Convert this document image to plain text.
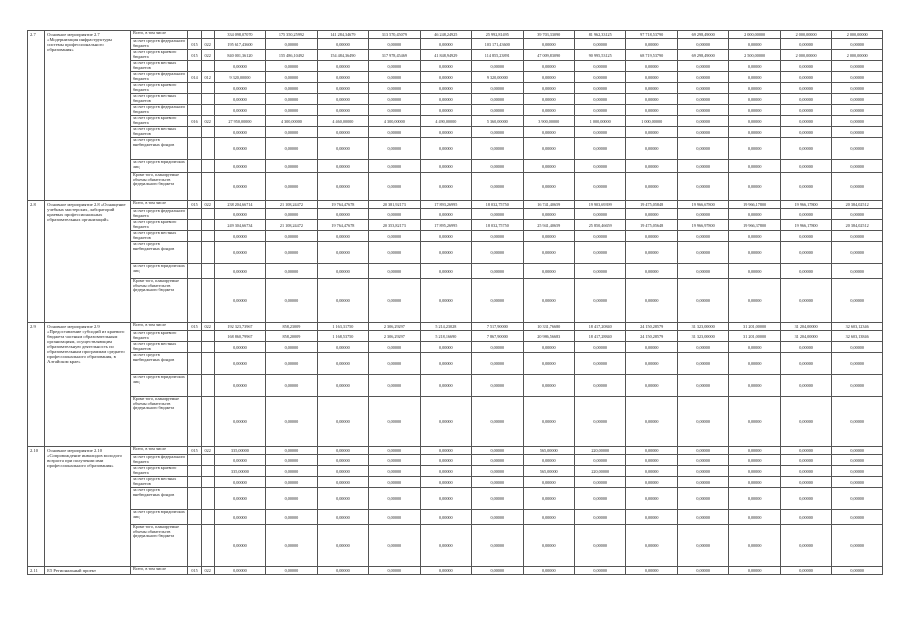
2.7	Основное мероприятие 2.7 «Модернизация инфраструктуры системы профессионального образования»	Всего, в том числе			334 098,07070	175 350,25992	141 284,34679	313 570,45079	46 248,24925	25 992,81495	39 703,33090	81 962,33125	97 718,53790	69 298,49000	2 000,00000	2 000,00000	2 000,00000
		за счет средств федерального бюджета	015	022	195 617,43600	0,00000	0,00000	0,00000	0,00000	103 171,43600	0,00000	0,00000	0,00000	0,00000	0,00000	0,00000	0,00000
		за счет средств краевого бюджета	015	022	840 001,36120	155 486,10492	154 484,36490	317 978,45469	41 848,94929	114 855,23891	47 009,83090	90 995,53125	68 719,53790	69 298,49000	2 500,00000	2 000,00000	2 000,00000
		за счет средств местных бюджетов			0,00000	0,00000	0,00000	0,00000	0,00000	0,00000	0,00000	0,00000	0,00000	0,00000	0,00000	0,00000	0,00000
		за счет средств федерального бюджета	014	012	9 320,00000	0,00000	0,00000	0,00000	0,00000	9 320,00000	0,00000	0,00000	0,00000	0,00000	0,00000	0,00000	0,00000
		за счет средств краевого бюджета			0,00000	0,00000	0,00000	0,00000	0,00000	0,00000	0,00000	0,00000	0,00000	0,00000	0,00000	0,00000	0,00000
		за счет средств местных бюджетов			0,00000	0,00000	0,00000	0,00000	0,00000	0,00000	0,00000	0,00000	0,00000	0,00000	0,00000	0,00000	0,00000
		за счет средств федерального бюджета			0,00000	0,00000	0,00000	0,00000	0,00000	0,00000	0,00000	0,00000	0,00000	0,00000	0,00000	0,00000	0,00000
		за счет средств краевого бюджета	016	022	27 950,00000	4 300,00000	4 460,00000	4 300,00000	4 490,00000	5 360,00000	3 900,00000	1 000,00000	1 000,00000	0,00000	0,00000	0,00000	0,00000
		за счет средств местных бюджетов			0,00000	0,00000	0,00000	0,00000	0,00000	0,00000	0,00000	0,00000	0,00000	0,00000	0,00000	0,00000	0,00000
		за счет средств внебюджетных фондов			0,00000	0,00000	0,00000	0,00000	0,00000	0,00000	0,00000	0,00000	0,00000	0,00000	0,00000	0,00000	0,00000
		за счет средств юридических лиц			0,00000	0,00000	0,00000	0,00000	0,00000	0,00000	0,00000	0,00000	0,00000	0,00000	0,00000	0,00000	0,00000
		Кроме того, планируемые объемы обязательств федерального бюджета			0,00000	0,00000	0,00000	0,00000	0,00000	0,00000	0,00000	0,00000	0,00000	0,00000	0,00000	0,00000	0,00000
2.8	Основное мероприятие 2.8 «Оснащение учебных мастерских, лабораторий краевых профессиональных образовательных организаций»	Всего, в том числе	015	022	238 204,66714	21 108,24472	19 764,47678	20 381,92173	17 893,26995	18 032,75750	16 741,40659	19 903,69399	19 475,05848	19 966,67800	19 966,17800	19 966,17800	20 384,02512
		за счет средств федерального бюджета			0,00000	0,00000	0,00000	0,00000	0,00000	0,00000	0,00000	0,00000	0,00000	0,00000	0,00000	0,00000	0,00000
		за счет средств краевого бюджета			249 304,66734	21 108,24472	19 764,47678	20 353,82173	17 895,26995	18 032,75750	25 941,40659	25 850,46659	19 475,05648	19 966,97800	19 966,37800	19 966,17800	20 384,02512
		за счет средств местных бюджетов			0,00000	0,00000	0,00000	0,00000	0,00000	0,00000	0,00000	0,00000	0,00000	0,00000	0,00000	0,00000	0,00000
		за счет средств внебюджетных фондов			0,00000	0,00000	0,00000	0,00000	0,00000	0,00000	0,00000	0,00000	0,00000	0,00000	0,00000	0,00000	0,00000
		за счет средств юридических лиц			0,00000	0,00000	0,00000	0,00000	0,00000	0,00000	0,00000	0,00000	0,00000	0,00000	0,00000	0,00000	0,00000
		Кроме того, планируемые объемы обязательств федерального бюджета			0,00000	0,00000	0,00000	0,00000	0,00000	0,00000	0,00000	0,00000	0,00000	0,00000	0,00000	0,00000	0,00000
2.9	Основное мероприятие 2.9 «Предоставление субсидий из краевого бюджета частным образовательным организациям, осуществляющим образовательную деятельность по образовательным программам среднего профессионального образования, в Алтайском крае»	Всего, в том числе	015	022	192 323,73967	858,23009	1 163,31750	2 306,29297	5 214,23028	7 517,90000	10 331,76680	18 417,20840	24 150,28579	31 323,00000	31 201,00000	31 204,00000	32 603,12346
		за счет средств краевого бюджета			168 860,79967	858,20009	1 168,53750	2 306,29297	5 218,16690	7 867,90000	20 986,56683	18 417,28840	24 150,28579	31 323,00000	31 201,00000	31 204,00000	32 603,13846
		за счет средств местных бюджетов			0,00000	0,00000	0,00000	0,00000	0,00000	0,00000	0,00000	0,00000	0,00000	0,00000	0,00000	0,00000	0,00000
		за счет средств внебюджетных фондов			0,00000	0,00000	0,00000	0,00000	0,00000	0,00000	0,00000	0,00000	0,00000	0,00000	0,00000	0,00000	0,00000
		за счет средств юридических лиц			0,00000	0,00000	0,00000	0,00000	0,00000	0,00000	0,00000	0,00000	0,00000	0,00000	0,00000	0,00000	0,00000
		Кроме того, планируемые объемы обязательств федерального бюджета			0,00000	0,00000	0,00000	0,00000	0,00000	0,00000	0,00000	0,00000	0,00000	0,00000	0,00000	0,00000	0,00000
2.10	Основное мероприятие 2.10 «Сопровождение инвалидов молодого возраста при получении ими профессионального образования»	Всего, в том числе	015	022	335,00000	0,00000	0,00000	0,00000	0,00000	0,00000	565,00000	220,00000	0,00000	0,00000	0,00000	0,00000	0,00000
		за счет средств федерального бюджета			0,00000	0,00000	0,00000	0,00000	0,00000	0,00000	0,00000	0,00000	0,00000	0,00000	0,00000	0,00000	0,00000
		за счет средств краевого бюджета			335,00000	0,00000	0,00000	0,00000	0,00000	0,00000	565,00000	220,00000	0,00000	0,00000	0,00000	0,00000	0,00000
		за счет средств местных бюджетов			0,00000	0,00000	0,00000	0,00000	0,00000	0,00000	0,00000	0,00000	0,00000	0,00000	0,00000	0,00000	0,00000
		за счет средств внебюджетных фондов			0,00000	0,00000	0,00000	0,00000	0,00000	0,00000	0,00000	0,00000	0,00000	0,00000	0,00000	0,00000	0,00000
		за счет средств юридических лиц			0,00000	0,00000	0,00000	0,00000	0,00000	0,00000	0,00000	0,00000	0,00000	0,00000	0,00000	0,00000	0,00000
		Кроме того, планируемые объемы обязательств федерального бюджета			0,00000	0,00000	0,00000	0,00000	0,00000	0,00000	0,00000	0,00000	0,00000	0,00000	0,00000	0,00000	0,00000
2.11	Е5 Региональный проект	Всего, в том числе	015	022	0,00000	0,00000	0,00000	0,00000	0,00000	0,00000	0,00000	0,00000	0,00000	0,00000	0,00000	0,00000	0,00000
